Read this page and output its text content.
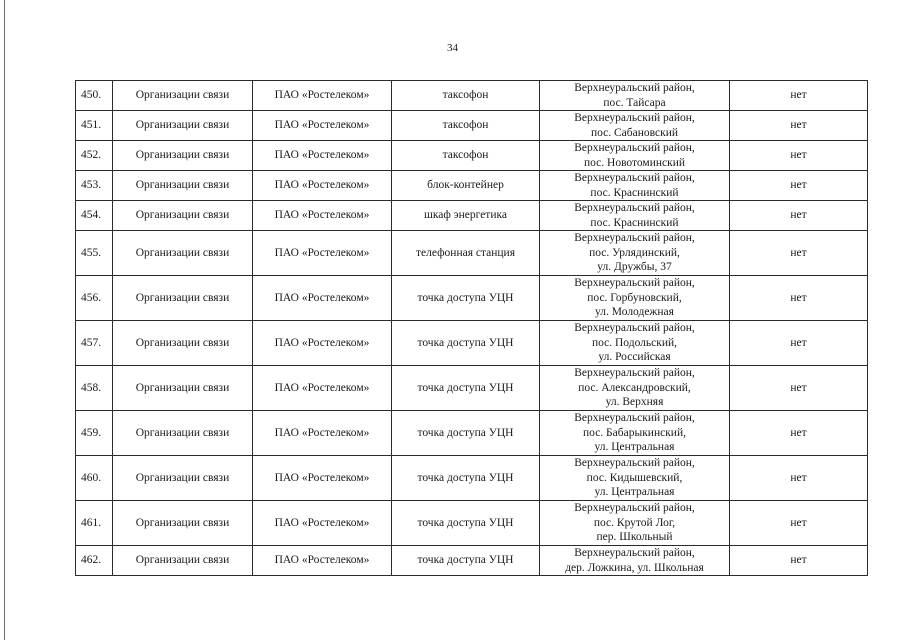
34
450.	Организации связи	ПАО «Ростелеком»	таксофон	Верхнеуральский район,
пос. Тайсара	нет
451.	Организации связи	ПАО «Ростелеком»	таксофон	Верхнеуральский район,
пос. Сабановский	нет
452.	Организации связи	ПАО «Ростелеком»	таксофон	Верхнеуральский район,
пос. Новотоминский	нет
453.	Организации связи	ПАО «Ростелеком»	блок-контейнер	Верхнеуральский район,
пос. Краснинский	нет
454.	Организации связи	ПАО «Ростелеком»	шкаф энергетика	Верхнеуральский район,
пос. Краснинский	нет
455.	Организации связи	ПАО «Ростелеком»	телефонная станция	Верхнеуральский район,
пос. Урлядинский,
ул. Дружбы, 37	нет
456.	Организации связи	ПАО «Ростелеком»	точка доступа УЦН	Верхнеуральский район,
пос. Горбуновский,
ул. Молодежная	нет
457.	Организации связи	ПАО «Ростелеком»	точка доступа УЦН	Верхнеуральский район,
пос. Подольский,
ул. Российская	нет
458.	Организации связи	ПАО «Ростелеком»	точка доступа УЦН	Верхнеуральский район,
пос. Александровский,
ул. Верхняя	нет
459.	Организации связи	ПАО «Ростелеком»	точка доступа УЦН	Верхнеуральский район,
пос. Бабарыкинский,
ул. Центральная	нет
460.	Организации связи	ПАО «Ростелеком»	точка доступа УЦН	Верхнеуральский район,
пос. Кидышевский,
ул. Центральная	нет
461.	Организации связи	ПАО «Ростелеком»	точка доступа УЦН	Верхнеуральский район,
пос. Крутой Лог,
пер. Школьный	нет
462.	Организации связи	ПАО «Ростелеком»	точка доступа УЦН	Верхнеуральский район,
дер. Ложкина, ул. Школьная	нет
